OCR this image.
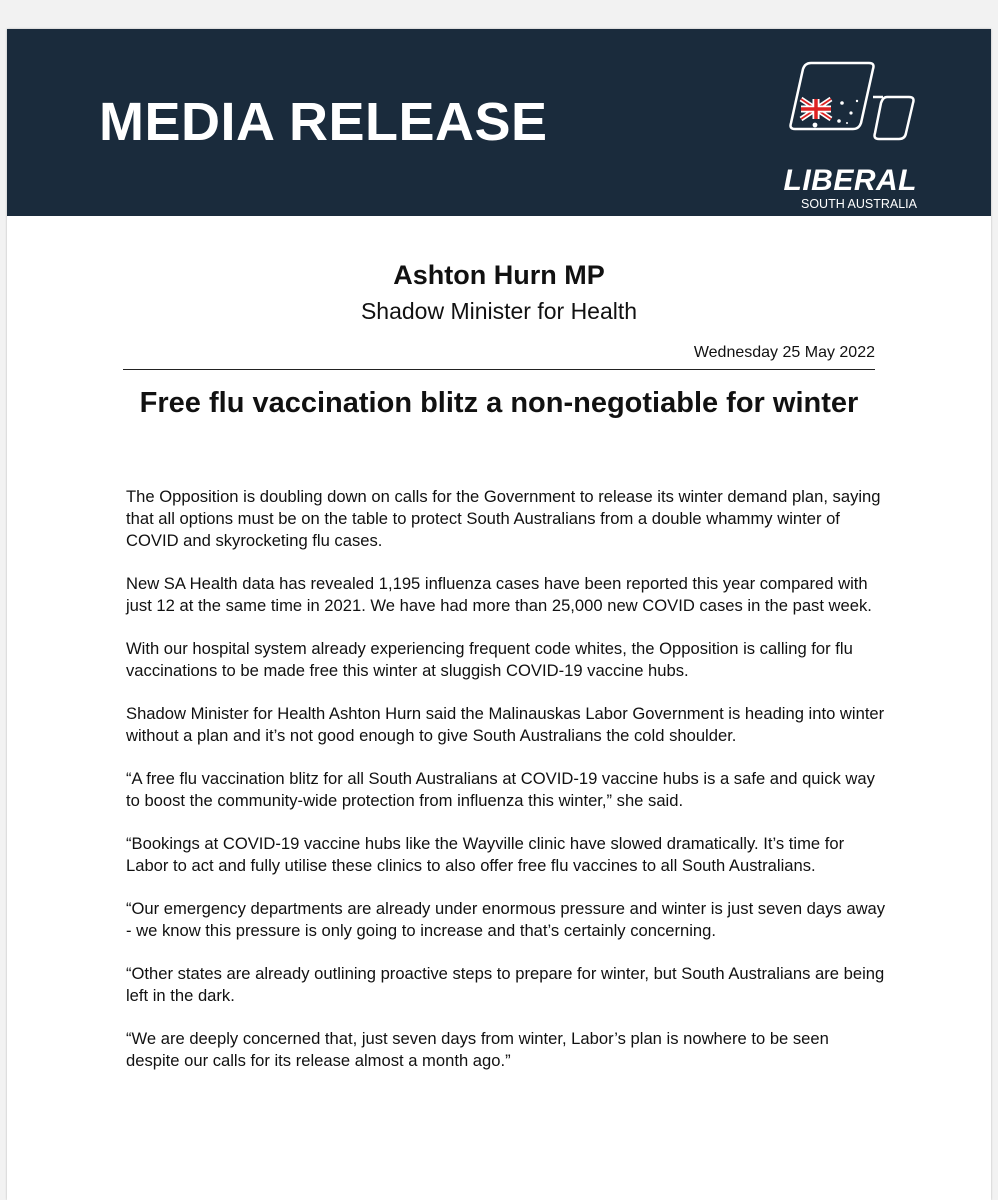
MEDIA RELEASE
LIBERAL
SOUTH AUSTRALIA
Ashton Hurn MP
Shadow Minister for Health
Wednesday 25 May 2022
Free flu vaccination blitz a non-negotiable for winter

The Opposition is doubling down on calls for the Government to release its winter demand plan, saying that all options must be on the table to protect South Australians from a double whammy winter of COVID and skyrocketing flu cases.

New SA Health data has revealed 1,195 influenza cases have been reported this year compared with just 12 at the same time in 2021. We have had more than 25,000 new COVID cases in the past week.

With our hospital system already experiencing frequent code whites, the Opposition is calling for flu vaccinations to be made free this winter at sluggish COVID-19 vaccine hubs.

Shadow Minister for Health Ashton Hurn said the Malinauskas Labor Government is heading into winter without a plan and it’s not good enough to give South Australians the cold shoulder.

“A free flu vaccination blitz for all South Australians at COVID-19 vaccine hubs is a safe and quick way to boost the community-wide protection from influenza this winter,” she said.

“Bookings at COVID-19 vaccine hubs like the Wayville clinic have slowed dramatically. It’s time for Labor to act and fully utilise these clinics to also offer free flu vaccines to all South Australians.

“Our emergency departments are already under enormous pressure and winter is just seven days away - we know this pressure is only going to increase and that’s certainly concerning.

“Other states are already outlining proactive steps to prepare for winter, but South Australians are being left in the dark.

“We are deeply concerned that, just seven days from winter, Labor’s plan is nowhere to be seen despite our calls for its release almost a month ago.”
